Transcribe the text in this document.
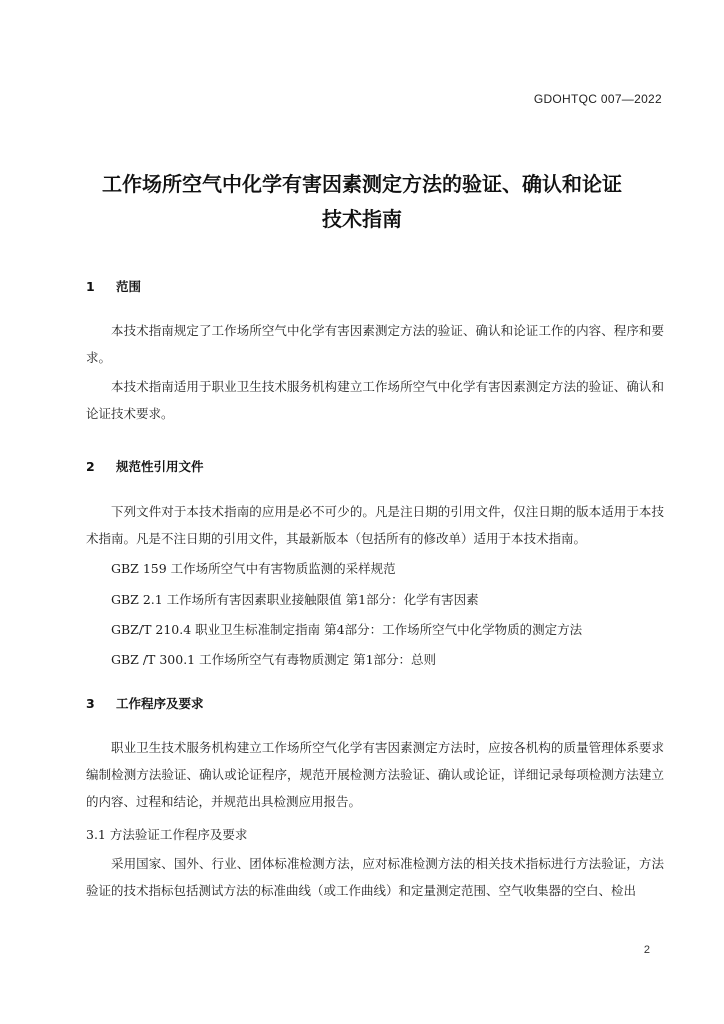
GDOHTQC 007—2022
工作场所空气中化学有害因素测定方法的验证、确认和论证
技术指南
1 范围
本技术指南规定了工作场所空气中化学有害因素测定方法的验证、确认和论证工作的内容、程序和要求。
本技术指南适用于职业卫生技术服务机构建立工作场所空气中化学有害因素测定方法的验证、确认和论证技术要求。
2 规范性引用文件
下列文件对于本技术指南的应用是必不可少的。凡是注日期的引用文件，仅注日期的版本适用于本技术指南。凡是不注日期的引用文件，其最新版本（包括所有的修改单）适用于本技术指南。
GBZ 159 工作场所空气中有害物质监测的采样规范
GBZ 2.1 工作场所有害因素职业接触限值 第1部分：化学有害因素
GBZ/T 210.4 职业卫生标准制定指南 第4部分：工作场所空气中化学物质的测定方法
GBZ /T 300.1 工作场所空气有毒物质测定 第1部分：总则
3 工作程序及要求
职业卫生技术服务机构建立工作场所空气化学有害因素测定方法时，应按各机构的质量管理体系要求编制检测方法验证、确认或论证程序，规范开展检测方法验证、确认或论证，详细记录每项检测方法建立的内容、过程和结论，并规范出具检测应用报告。
3.1 方法验证工作程序及要求
采用国家、国外、行业、团体标准检测方法，应对标准检测方法的相关技术指标进行方法验证，方法验证的技术指标包括测试方法的标准曲线（或工作曲线）和定量测定范围、空气收集器的空白、检出
2
